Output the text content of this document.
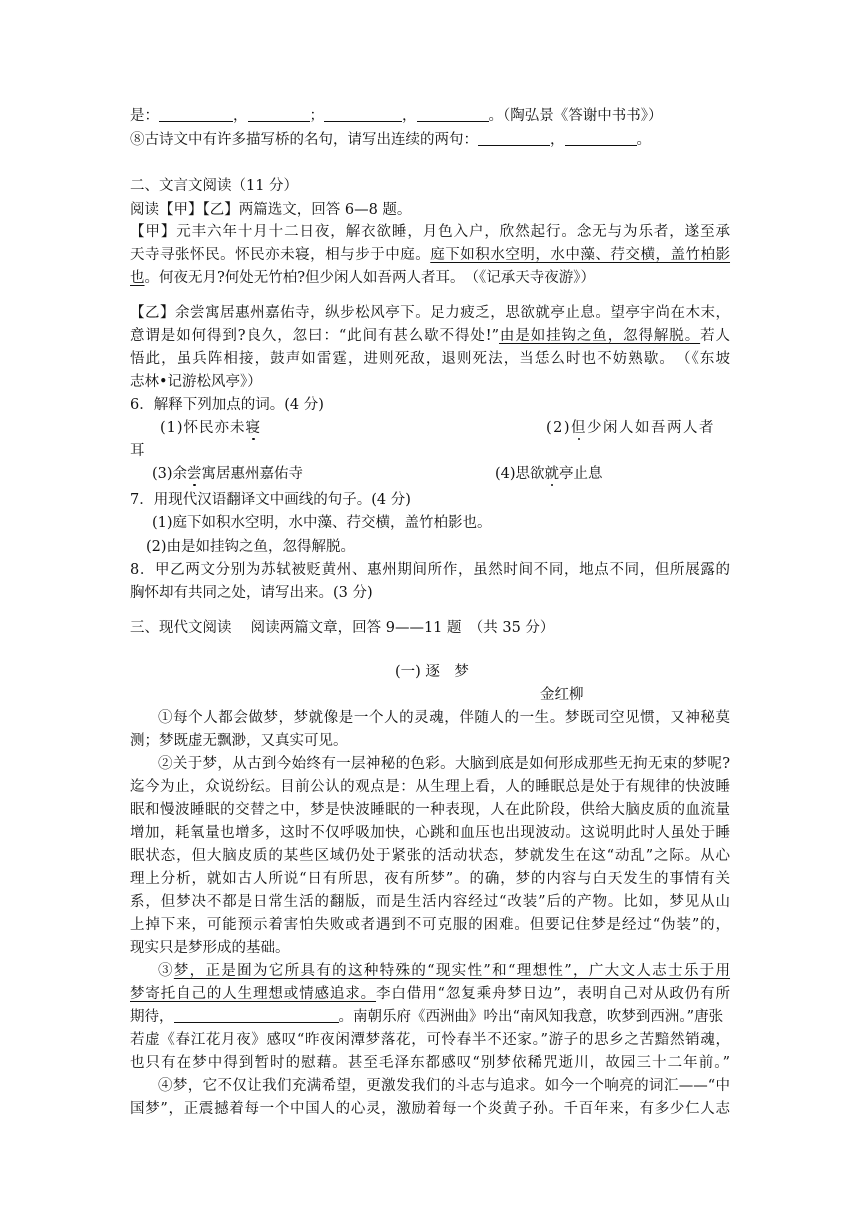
是：	，	；	，	。（陶弘景《答谢中书书》）
⑧古诗文中有许多描写桥的名句，请写出连续的两句：	，	。
二、文言文阅读（11 分）
阅读【甲】【乙】两篇选文，回答 6—8 题。
【甲】元丰六年十月十二日夜，解衣欲睡，月色入户，欣然起行。念无与为乐者，遂至承
天寺寻张怀民。怀民亦未寝，相与步于中庭。庭下如积水空明，水中藻、荇交横，盖竹柏影
也。何夜无月?何处无竹柏?但少闲人如吾两人者耳。　（《记承天寺夜游》）
【乙】余尝寓居惠州嘉佑寺，纵步松风亭下。足力疲乏，思欲就亭止息。望亭宇尚在木末，
意谓是如何得到?良久，忽曰：“此间有甚么歇不得处!”由是如挂钩之鱼，忽得解脱。若人
悟此，虽兵阵相接，鼓声如雷霆，进则死敌，退则死法，当恁么时也不妨熟歇。　（《东坡
志林•记游松风亭》）
6．解释下列加点的词。(4 分)
(1)怀民亦未寝	(2)但少闲人如吾两人者
耳
(3)余尝寓居惠州嘉佑寺	(4)思欲就亭止息
7．用现代汉语翻译文中画线的句子。(4 分)
(1)庭下如积水空明，水中藻、荇交横，盖竹柏影也。
(2)由是如挂钩之鱼，忽得解脱。
8．甲乙两文分别为苏轼被贬黄州、惠州期间所作，虽然时间不同，地点不同，但所展露的
胸怀却有共同之处，请写出来。(3 分)
三、现代文阅读　 阅读两篇文章，回答 9——11 题　（共 35 分）
(一) 逐　梦
金红柳
①每个人都会做梦，梦就像是一个人的灵魂，伴随人的一生。梦既司空见惯，又神秘莫
测；梦既虚无飘渺，又真实可见。
②关于梦，从古到今始终有一层神秘的色彩。大脑到底是如何形成那些无拘无束的梦呢?
迄今为止，众说纷纭。目前公认的观点是：从生理上看，人的睡眠总是处于有规律的快波睡
眠和慢波睡眠的交替之中，梦是快波睡眠的一种表现，人在此阶段，供给大脑皮质的血流量
增加，耗氧量也增多，这时不仅呼吸加快，心跳和血压也出现波动。这说明此时人虽处于睡
眠状态，但大脑皮质的某些区域仍处于紧张的活动状态，梦就发生在这“动乱”之际。从心
理上分析，就如古人所说“日有所思，夜有所梦”。的确，梦的内容与白天发生的事情有关
系，但梦决不都是日常生活的翻版，而是生活内容经过“改装”后的产物。比如，梦见从山
上掉下来，可能预示着害怕失败或者遇到不可克服的困难。但要记住梦是经过“伪装”的，
现实只是梦形成的基础。
③梦，正是囿为它所具有的这种特殊的“现实性”和“理想性”，广大文人志士乐于用
梦寄托自己的人生理想或情感追求。李白借用“忽复乘舟梦日边”，表明自己对从政仍有所
期待，	。南朝乐府《西洲曲》吟出“南风知我意，吹梦到西洲。”唐张
若虚《春江花月夜》感叹“昨夜闲潭梦落花，可怜春半不还家。”游子的思乡之苦黯然销魂，
也只有在梦中得到暂时的慰藉。甚至毛泽东都感叹“别梦依稀咒逝川，故园三十二年前。”
④梦，它不仅让我们充满希望，更激发我们的斗志与追求。如今一个响亮的词汇——“中
国梦”，正震撼着每一个中国人的心灵，激励着每一个炎黄子孙。千百年来，有多少仁人志
